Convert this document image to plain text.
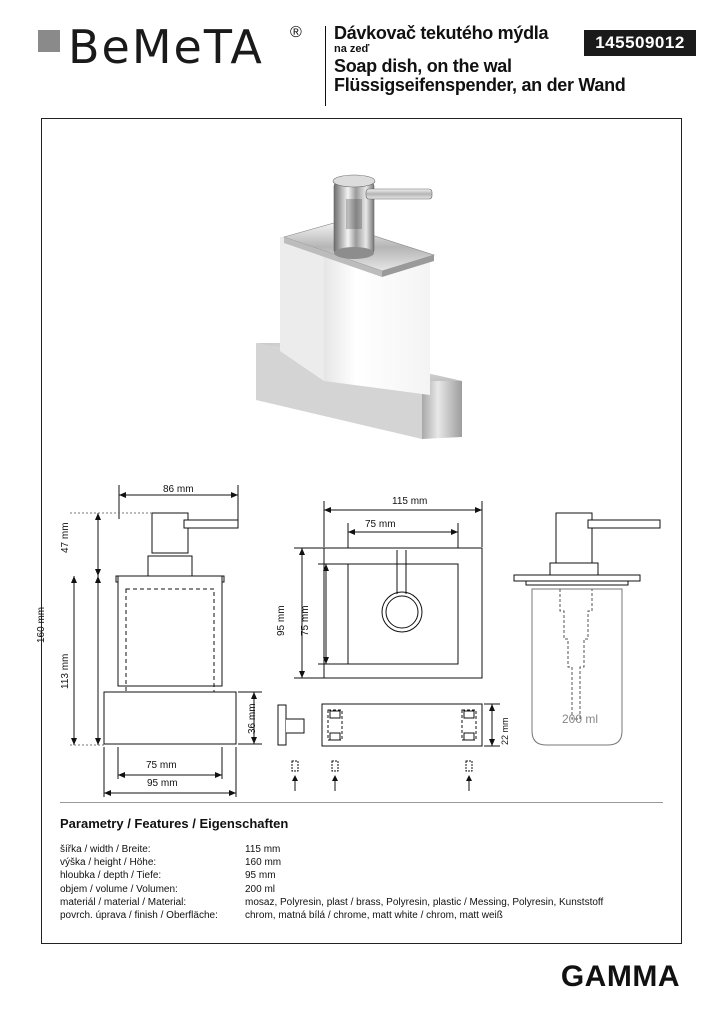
BeMeTA ® Dávkovač tekutého mýdla
na zeď
Soap dish, on the wal
Flüssigseifenspender, an der Wand
145509012
86 mm
47 mm
160 mm
113 mm
36 mm
75 mm
95 mm
115 mm
75 mm
95 mm 75 mm
22 mm	200 ml
Parametry / Features / Eigenschaften
šířka / width / Breite:	115 mm
výška / height / Höhe:	160 mm
hloubka / depth / Tiefe:	95 mm
objem / volume / Volumen:	200 ml
materiál / material / Material:	mosaz, Polyresin, plast / brass, Polyresin, plastic / Messing, Polyresin, Kunststoff
povrch. úprava / finish / Oberfläche:	chrom, matná bílá / chrome, matt white / chrom, matt weiß
GAMMA
